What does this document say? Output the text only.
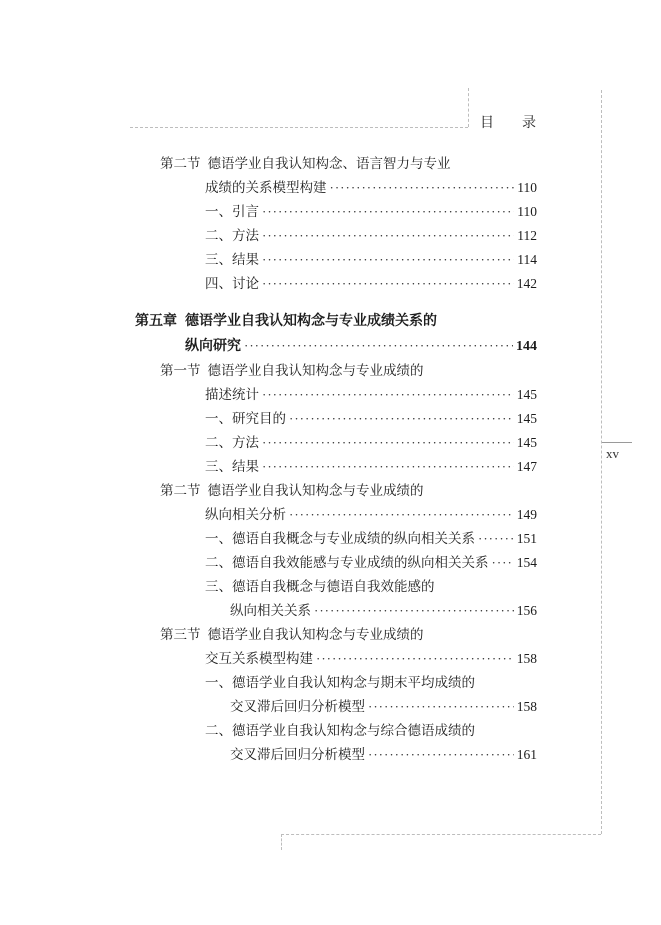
目录
xv
第二节 德语学业自我认知构念、语言智力与专业
成绩的关系模型构建 ·····	110
一、引言 ·····	110
二、方法 ·····	112
三、结果 ·····	114
四、讨论 ·····	142
第五章 德语学业自我认知构念与专业成绩关系的
纵向研究 ·····	144
第一节 德语学业自我认知构念与专业成绩的
描述统计 ·····	145
一、研究目的 ·····	145
二、方法 ·····	145
三、结果 ·····	147
第二节 德语学业自我认知构念与专业成绩的
纵向相关分析 ·····	149
一、德语自我概念与专业成绩的纵向相关关系 ·····	151
二、德语自我效能感与专业成绩的纵向相关关系 ····· 154
三、德语自我概念与德语自我效能感的
纵向相关关系 ·····	156
第三节 德语学业自我认知构念与专业成绩的
交互关系模型构建 ·····	158
一、德语学业自我认知构念与期末平均成绩的
交叉滞后回归分析模型 ·····	158
二、德语学业自我认知构念与综合德语成绩的
交叉滞后回归分析模型 ·····	161
